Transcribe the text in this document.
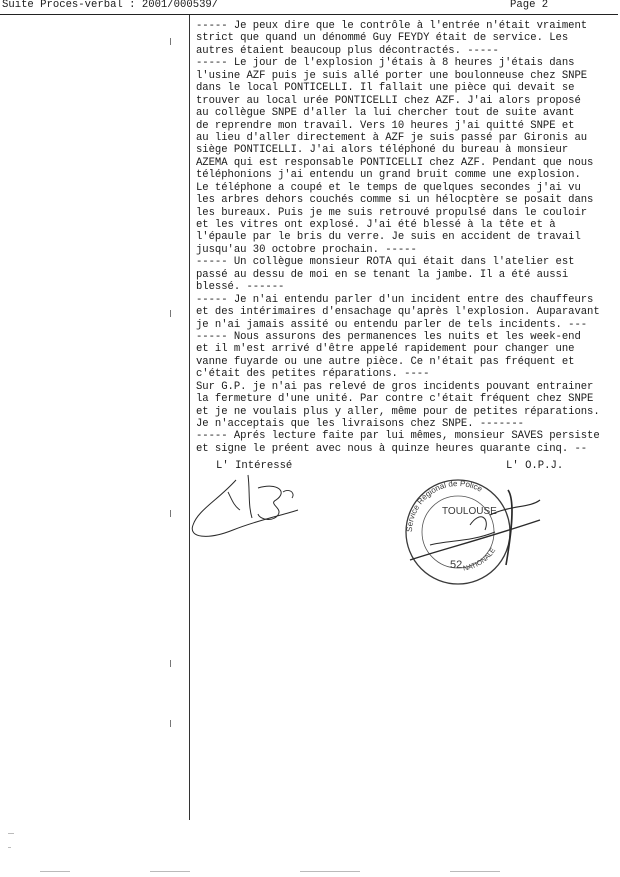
Suite Proces-verbal : 2001/000539/

	Page 2

----- Je peux dire que le contrôle à l'entrée n'était vraiment
strict que quand un dénommé Guy FEYDY était de service. Les
autres étaient beaucoup plus décontractés. -----
----- Le jour de l'explosion j'étais à 8 heures j'étais dans
l'usine AZF puis je suis allé porter une boulonneuse chez SNPE
dans le local PONTICELLI. Il fallait une pièce qui devait se
trouver au local urée PONTICELLI chez AZF. J'ai alors proposé
au collègue SNPE d'aller la lui chercher tout de suite avant
de reprendre mon travail. Vers 10 heures j'ai quitté SNPE et
au lieu d'aller directement à AZF je suis passé par Gironis au
siège PONTICELLI. J'ai alors téléphoné du bureau à monsieur
AZEMA qui est responsable PONTICELLI chez AZF. Pendant que nous
téléphonions j'ai entendu un grand bruit comme une explosion.
Le téléphone a coupé et le temps de quelques secondes j'ai vu
les arbres dehors couchés comme si un hélocptère se posait dans
les bureaux. Puis je me suis retrouvé propulsé dans le couloir
et les vitres ont explosé. J'ai été blessé à la tête et à
l'épaule par le bris du verre. Je suis en accident de travail
jusqu'au 30 octobre prochain. -----
----- Un collègue monsieur ROTA qui était dans l'atelier est
passé au dessu de moi en se tenant la jambe. Il a été aussi
blessé. ------
----- Je n'ai entendu parler d'un incident entre des chauffeurs
et des intérimaires d'ensachage qu'après l'explosion. Auparavant
je n'ai jamais assité ou entendu parler de tels incidents. ---
----- Nous assurons des permanences les nuits et les week-end
et il m'est arrivé d'être appelé rapidement pour changer une
vanne fuyarde ou une autre pièce. Ce n'était pas fréquent et
c'était des petites réparations. ----
Sur G.P. je n'ai pas relevé de gros incidents pouvant entrainer
la fermeture d'une unité. Par contre c'était fréquent chez SNPE
et je ne voulais plus y aller, même pour de petites réparations.
Je n'acceptais que les livraisons chez SNPE. -------
----- Aprés lecture faite par lui mêmes, monsieur SAVES persiste
et signe le préent avec nous à quinze heures quarante cinq. --

L' Intéressé

	L' O.P.J.

Service Régional de Police
TOULOUSE
52 NATIONALE
